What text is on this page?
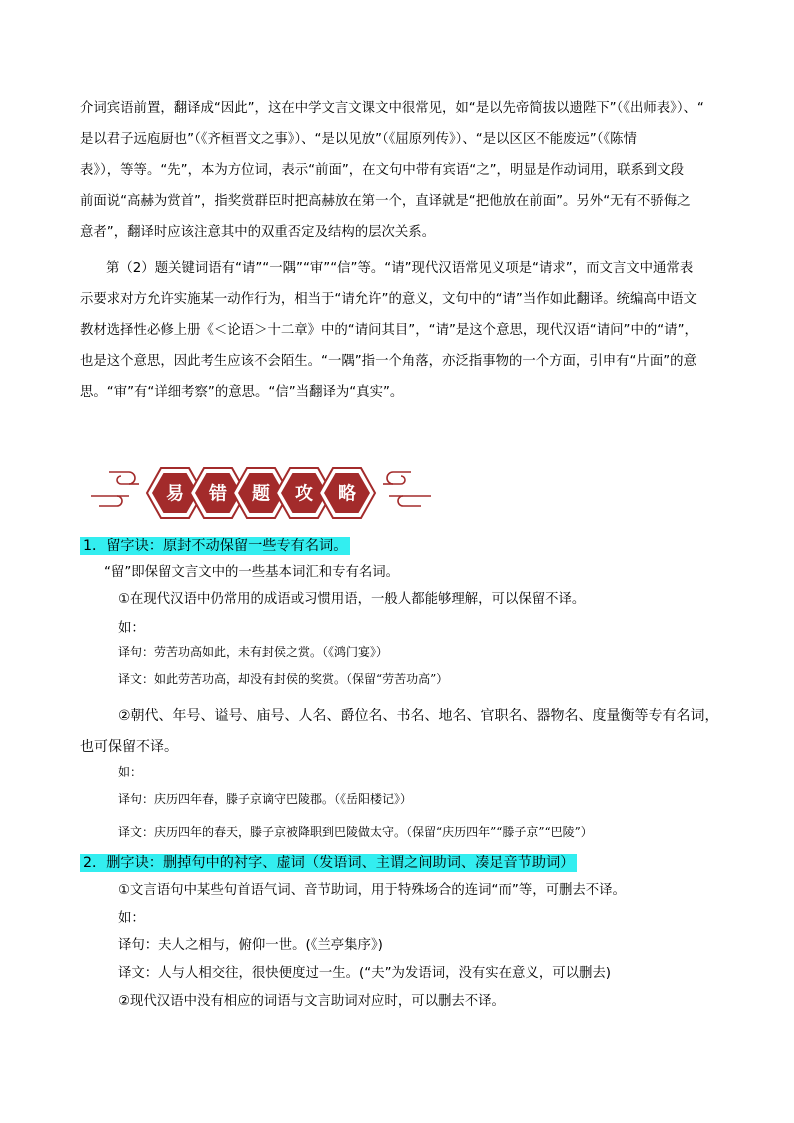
介词宾语前置，翻译成“因此”，这在中学文言文课文中很常见，如“是以先帝简拔以遗陛下”（《出师表》）、“
是以君子远庖厨也”（《齐桓晋文之事》）、“是以见放”（《屈原列传》）、“是以区区不能废远”（《陈情
表》），等等。“先”，本为方位词，表示“前面”，在文句中带有宾语“之”，明显是作动词用，联系到文段
前面说“高赫为赏首”，指奖赏群臣时把高赫放在第一个，直译就是“把他放在前面”。另外“无有不骄侮之
意者”，翻译时应该注意其中的双重否定及结构的层次关系。
第（2）题关键词语有“请”“一隅”“审”“信”等。“请”现代汉语常见义项是“请求”，而文言文中通常表
示要求对方允许实施某一动作行为，相当于“请允许”的意义，文句中的“请”当作如此翻译。统编高中语文
教材选择性必修上册《＜论语＞十二章》中的“请问其目”，“请”是这个意思，现代汉语“请问”中的“请”，
也是这个意思，因此考生应该不会陌生。“一隅”指一个角落，亦泛指事物的一个方面，引申有“片面”的意
思。“审”有“详细考察”的意思。“信”当翻译为“真实”。
易 错 题 攻 略
1．留字诀：原封不动保留一些专有名词。
“留”即保留文言文中的一些基本词汇和专有名词。
①在现代汉语中仍常用的成语或习惯用语，一般人都能够理解，可以保留不译。
如：
译句：劳苦功高如此，未有封侯之赏。（《鸿门宴》）
译文：如此劳苦功高，却没有封侯的奖赏。（保留“劳苦功高”）
②朝代、年号、谥号、庙号、人名、爵位名、书名、地名、官职名、器物名、度量衡等专有名词，
也可保留不译。
如：
译句：庆历四年春，滕子京谪守巴陵郡。（《岳阳楼记》）
译文：庆历四年的春天，滕子京被降职到巴陵做太守。（保留“庆历四年”“滕子京”“巴陵”）
2．删字诀：删掉句中的衬字、虚词（发语词、主谓之间助词、凑足音节助词）
①文言语句中某些句首语气词、音节助词，用于特殊场合的连词“而”等，可删去不译。
如：
译句：夫人之相与，俯仰一世。(《兰亭集序》)
译文：人与人相交往，很快便度过一生。(“夫”为发语词，没有实在意义，可以删去)
②现代汉语中没有相应的词语与文言助词对应时，可以删去不译。
